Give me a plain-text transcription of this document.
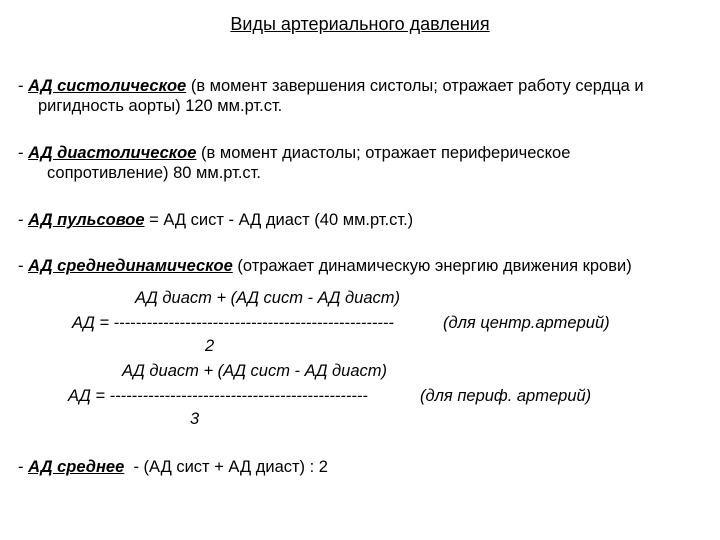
Виды артериального давления
- АД систолическое (в момент завершения систолы; отражает работу сердца и
ригидность аорты) 120 мм.рт.ст.
- АД диастолическое (в момент диастолы; отражает периферическое
сопротивление) 80 мм.рт.ст.
- АД пульсовое = АД сист - АД диаст (40 мм.рт.ст.)
- АД среднединамическое (отражает динамическую энергию движения крови)
АД диаст + (АД сист - АД диаст)
АД = ---------------------------------------------------	(для центр.артерий)
2
АД диаст + (АД сист - АД диаст)
АД = -----------------------------------------------	(для периф. артерий)
3
- АД среднее  - (АД сист + АД диаст) : 2
